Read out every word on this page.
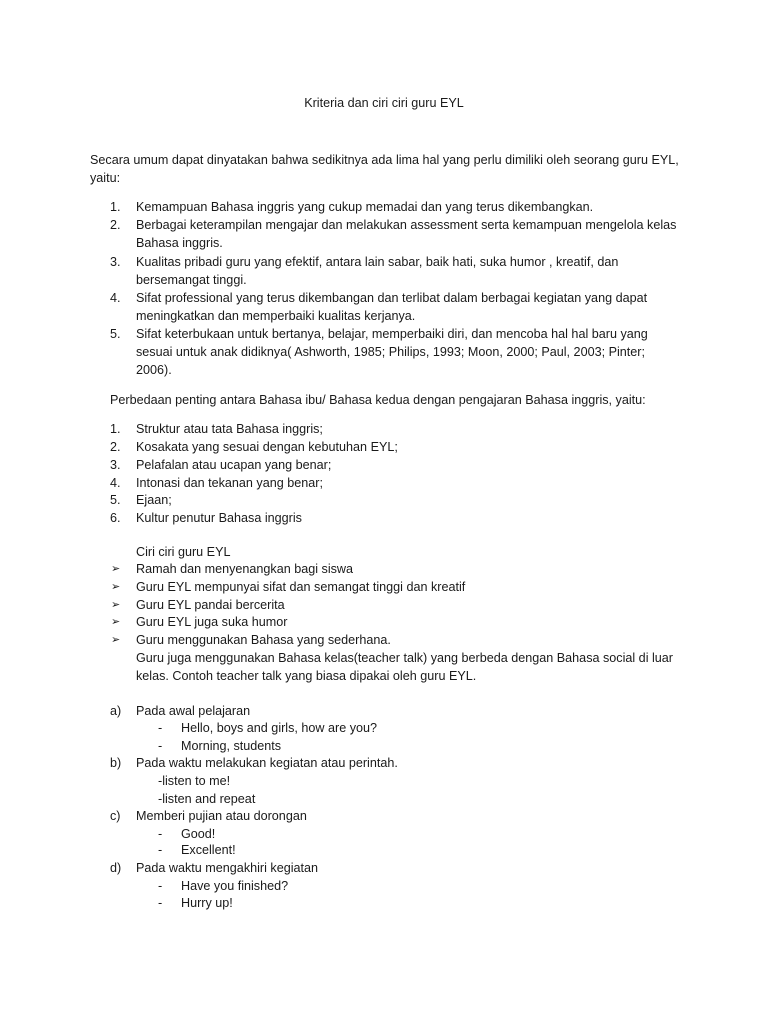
Kriteria dan ciri ciri guru EYL
Secara umum dapat dinyatakan bahwa sedikitnya ada lima hal yang perlu dimiliki oleh seorang guru EYL,
yaitu:
1. Kemampuan Bahasa inggris yang cukup memadai dan yang terus dikembangkan.
2. Berbagai keterampilan mengajar dan melakukan assessment serta kemampuan mengelola kelas
Bahasa inggris.
3. Kualitas pribadi guru yang efektif, antara lain sabar, baik hati, suka humor , kreatif, dan
bersemangat tinggi.
4. Sifat professional yang terus dikembangan dan terlibat dalam berbagai kegiatan yang dapat
meningkatkan dan memperbaiki kualitas kerjanya.
5. Sifat keterbukaan untuk bertanya, belajar, memperbaiki diri, dan mencoba hal hal baru yang
sesuai untuk anak didiknya( Ashworth, 1985; Philips, 1993; Moon, 2000; Paul, 2003; Pinter;
2006).
Perbedaan penting antara Bahasa ibu/ Bahasa kedua dengan pengajaran Bahasa inggris, yaitu:
1. Struktur atau tata Bahasa inggris;
2. Kosakata yang sesuai dengan kebutuhan EYL;
3. Pelafalan atau ucapan yang benar;
4. Intonasi dan tekanan yang benar;
5. Ejaan;
6. Kultur penutur Bahasa inggris
Ciri ciri guru EYL
➢ Ramah dan menyenangkan bagi siswa
➢ Guru EYL mempunyai sifat dan semangat tinggi dan kreatif
➢ Guru EYL pandai bercerita
➢ Guru EYL juga suka humor
➢ Guru menggunakan Bahasa yang sederhana.
Guru juga menggunakan Bahasa kelas(teacher talk) yang berbeda dengan Bahasa social di luar
kelas. Contoh teacher talk yang biasa dipakai oleh guru EYL.
a) Pada awal pelajaran
- Hello, boys and girls, how are you?
- Morning, students
b) Pada waktu melakukan kegiatan atau perintah.
-listen to me!
-listen and repeat
c) Memberi pujian atau dorongan
- Good!
- Excellent!
d) Pada waktu mengakhiri kegiatan
- Have you finished?
- Hurry up!
